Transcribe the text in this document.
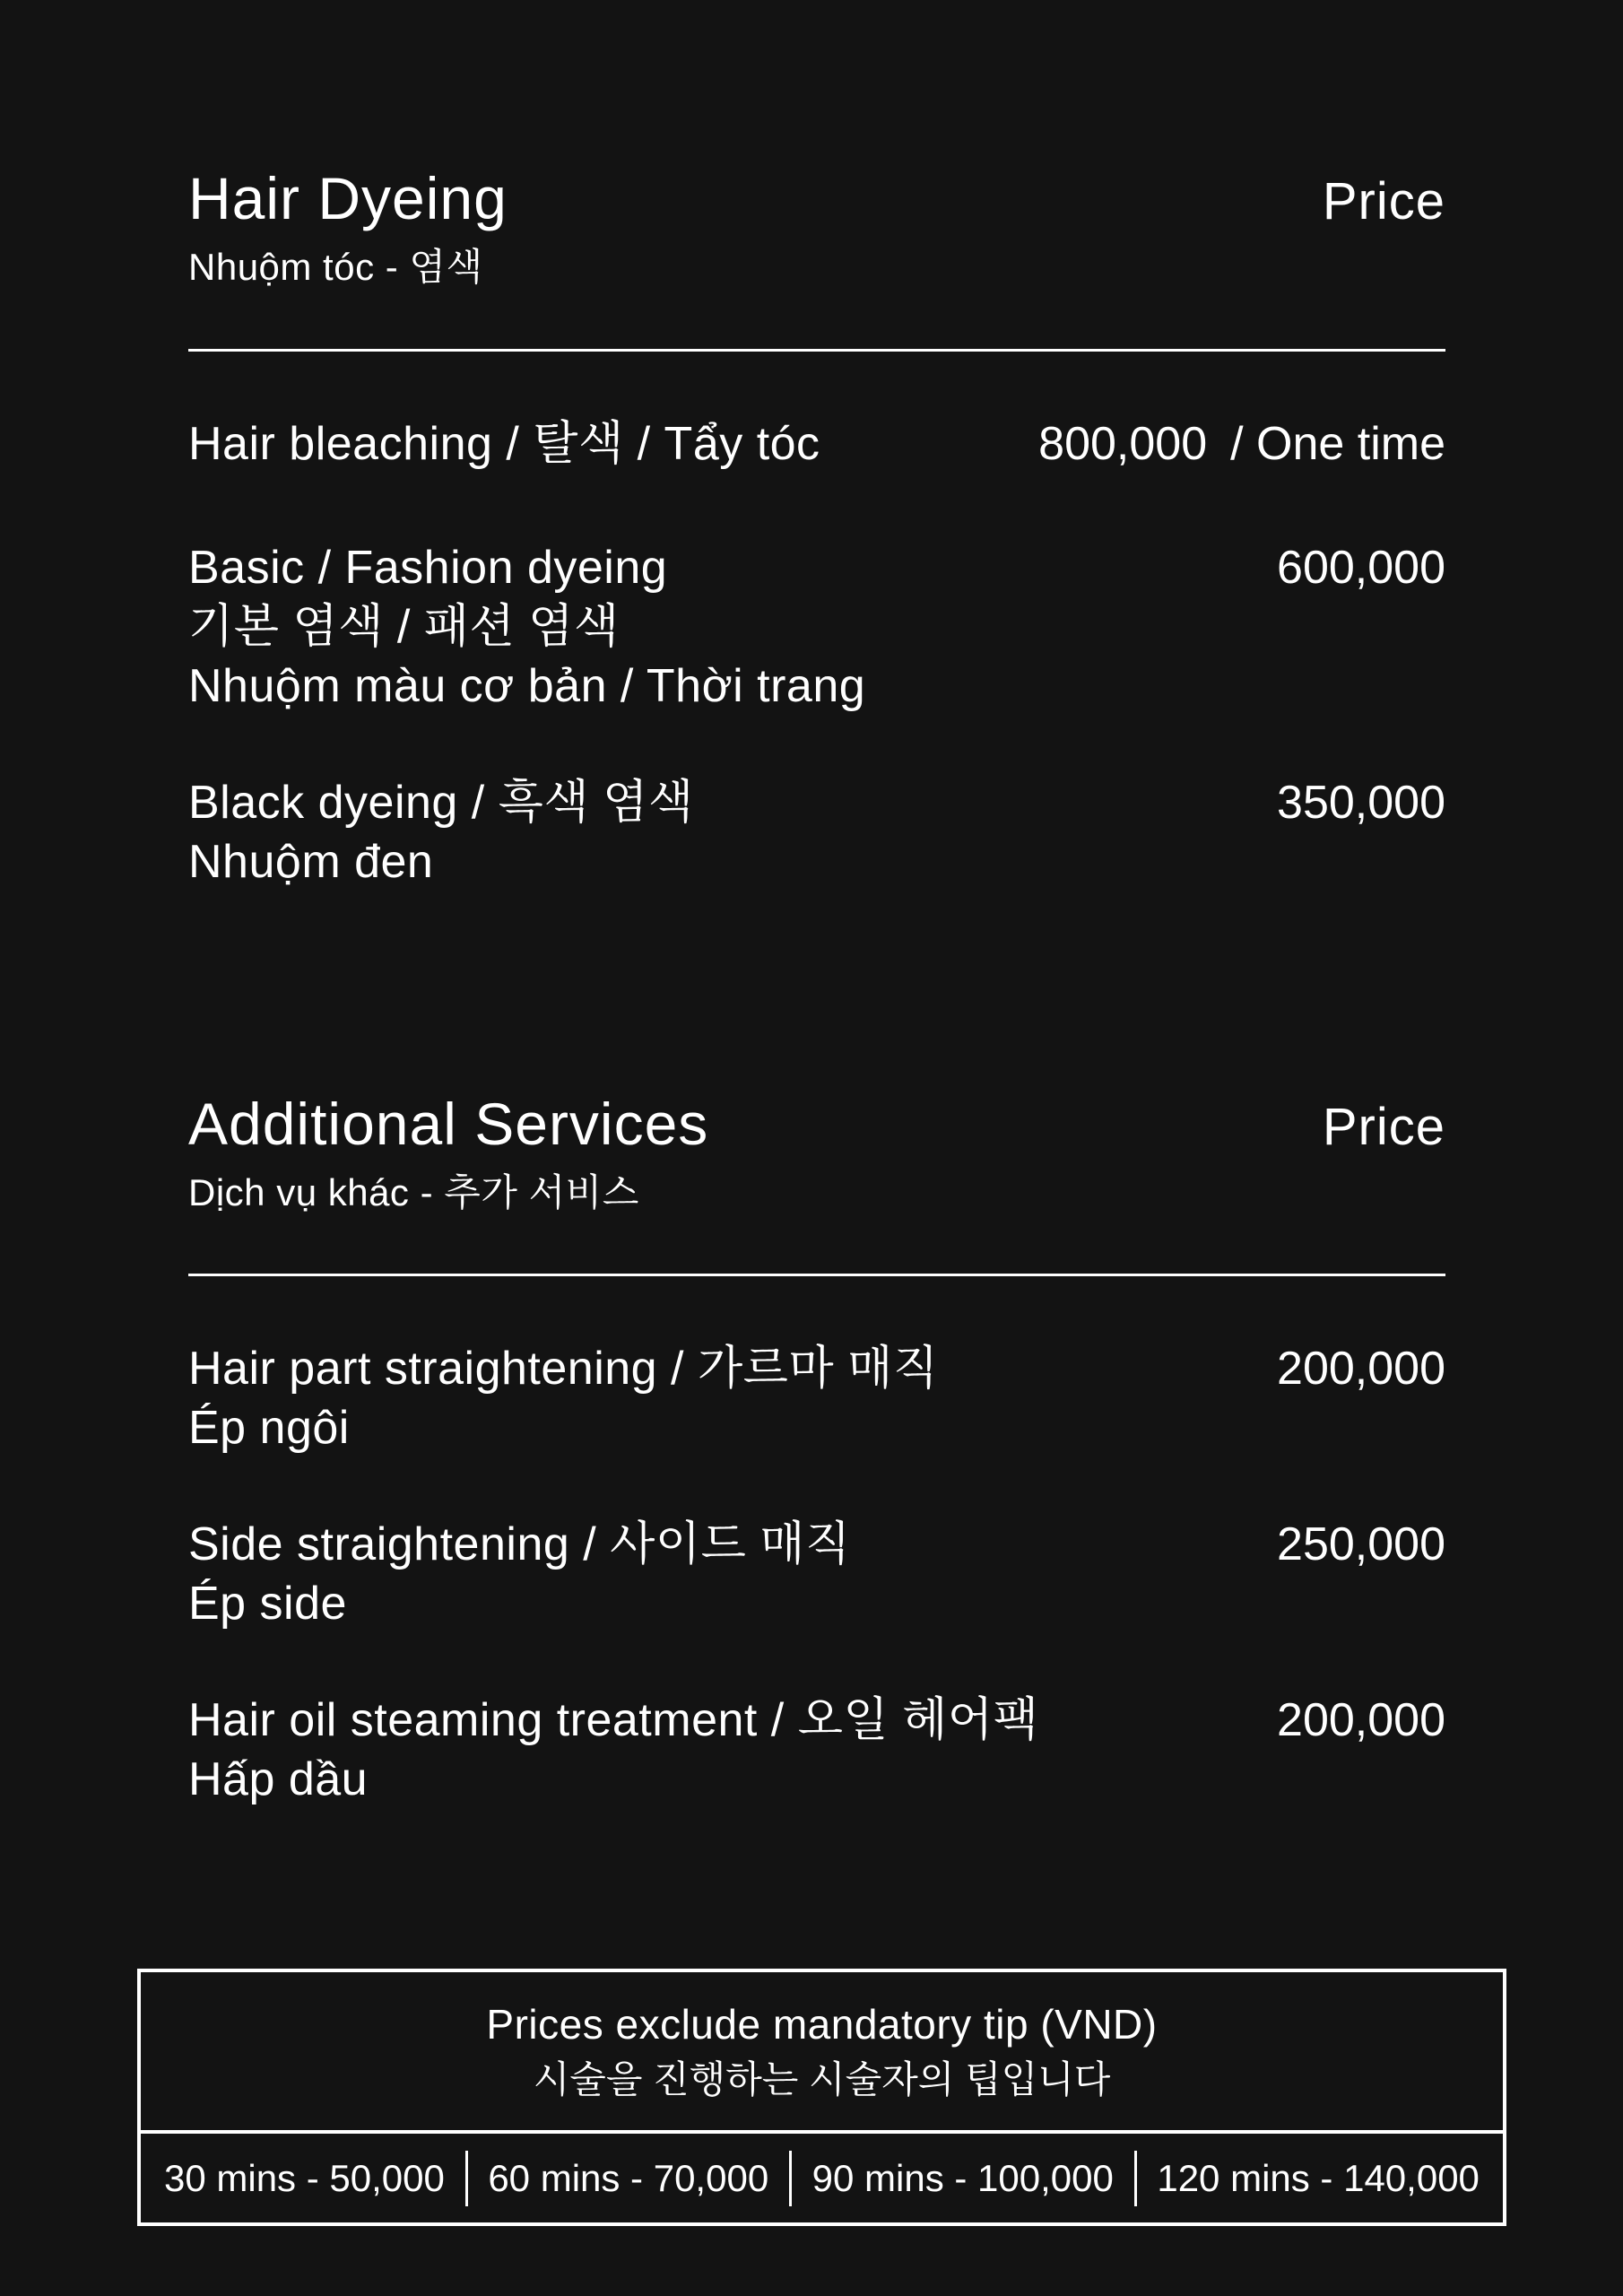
Hair Dyeing
Nhuộm tóc - 염색
Price
Hair bleaching / 탈색 / Tẩy tóc	800,000 / One time
Basic / Fashion dyeing
기본 염색 / 패션 염색
Nhuộm màu cơ bản / Thời trang
600,000
Black dyeing / 흑색 염색
Nhuộm đen
350,000
Additional Services
Dịch vụ khác - 추가 서비스
Price
Hair part straightening / 가르마 매직
Ép ngôi
200,000
Side straightening / 사이드 매직
Ép side
250,000
Hair oil steaming treatment / 오일 헤어팩
Hấp dầu
200,000
Prices exclude mandatory tip (VND)
시술을 진행하는 시술자의 팁입니다
30 mins - 50,000 60 mins - 70,000 90 mins - 100,000 120 mins - 140,000
